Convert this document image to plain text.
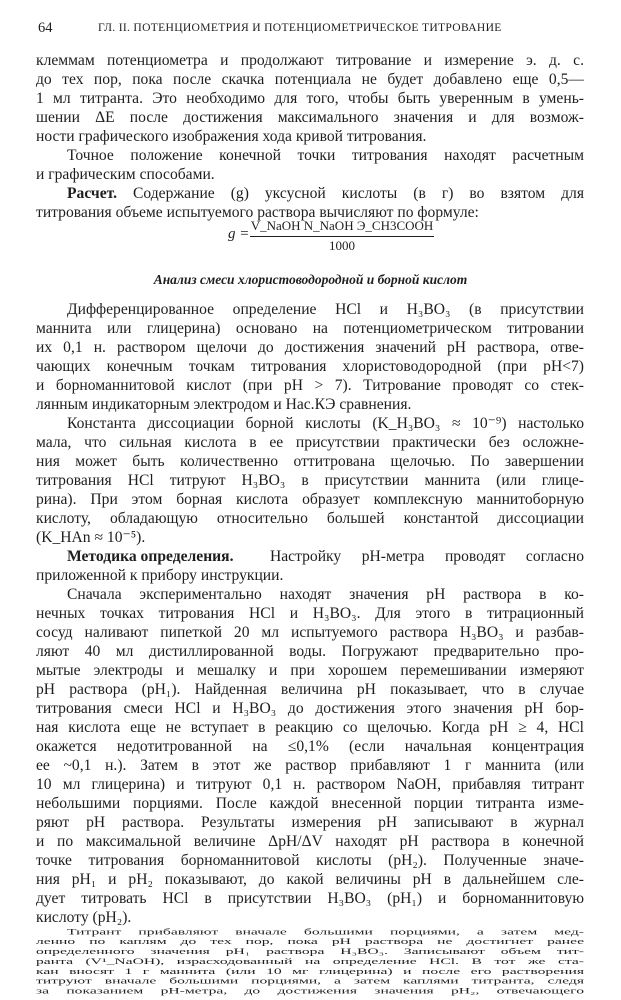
64	ГЛ. II. ПОТЕНЦИОМЕТРИЯ И ПОТЕНЦИОМЕТРИЧЕСКОЕ ТИТРОВАНИЕ
клеммам потенциометра и продолжают титрование и измерение э. д. с.
до тех пор, пока после скачка потенциала не будет добавлено еще 0,5—
1 мл титранта. Это необходимо для того, чтобы быть уверенным в умень-
шении ΔE после достижения максимального значения и для возмож-
ности графического изображения хода кривой титрования.
Точное положение конечной точки титрования находят расчетным
и графическим способами.
Расчет. Содержание (g) уксусной кислоты (в г) во взятом для
титрования объеме испытуемого раствора вычисляют по формуле:
g =
V_NaOH N_NaOH Э_CH3COOH
1000
Анализ смеси хлористоводородной и борной кислот
Дифференцированное определение HCl и H₃BO₃ (в присутствии
маннита или глицерина) основано на потенциометрическом титровании
их 0,1 н. раствором щелочи до достижения значений pH раствора, отве-
чающих конечным точкам титрования хлористоводородной (при pH<7)
и борноманнитовой кислот (при pH > 7). Титрование проводят со стек-
лянным индикаторным электродом и Нас.КЭ сравнения.
Константа диссоциации борной кислоты (K_H₃BO₃ ≈ 10⁻⁹) настолько
мала, что сильная кислота в ее присутствии практически без осложне-
ния может быть количественно оттитрована щелочью. По завершении
титрования HCl титруют H₃BO₃ в присутствии маннита (или глице-
рина). При этом борная кислота образует комплексную маннитоборную
кислоту, обладающую относительно большей константой диссоциации
(K_HAn ≈ 10⁻⁵).
Методика определения. Настройку pH-метра проводят согласно
приложенной к прибору инструкции.
Сначала экспериментально находят значения pH раствора в ко-
нечных точках титрования HCl и H₃BO₃. Для этого в титрационный
сосуд наливают пипеткой 20 мл испытуемого раствора H₃BO₃ и разбав-
ляют 40 мл дистиллированной воды. Погружают предварительно про-
мытые электроды и мешалку и при хорошем перемешивании измеряют
pH раствора (pH₁). Найденная величина pH показывает, что в случае
титрования смеси HCl и H₃BO₃ до достижения этого значения pH бор-
ная кислота еще не вступает в реакцию со щелочью. Когда pH ≥ 4, HCl
окажется недотитрованной на ≤0,1% (если начальная концентрация
ее ~0,1 н.). Затем в этот же раствор прибавляют 1 г маннита (или
10 мл глицерина) и титруют 0,1 н. раствором NaOH, прибавляя титрант
небольшими порциями. После каждой внесенной порции титранта изме-
ряют pH раствора. Результаты измерения pH записывают в журнал
и по максимальной величине ΔpH/ΔV находят pH раствора в конечной
точке титрования борноманнитовой кислоты (pH₂). Полученные значе-
ния pH₁ и pH₂ показывают, до какой величины pH в дальнейшем сле-
дует титровать HCl в присутствии H₃BO₃ (pH₁) и борноманнитовую
кислоту (pH₂).
Титрант прибавляют вначале большими порциями, а затем мед-
ленно по каплям до тех пор, пока pH раствора не достигнет ранее
определенного значения pH₁ раствора H₃BO₃. Записывают объем тит-
ранта (V¹_NaOH), израсходованный на определение HCl. В тот же ста-
кан вносят 1 г маннита (или 10 мг глицерина) и после его растворения
титруют вначале большими порциями, а затем каплями титранта, следя
за показанием pH-метра, до достижения значения pH₂, отвечающего
